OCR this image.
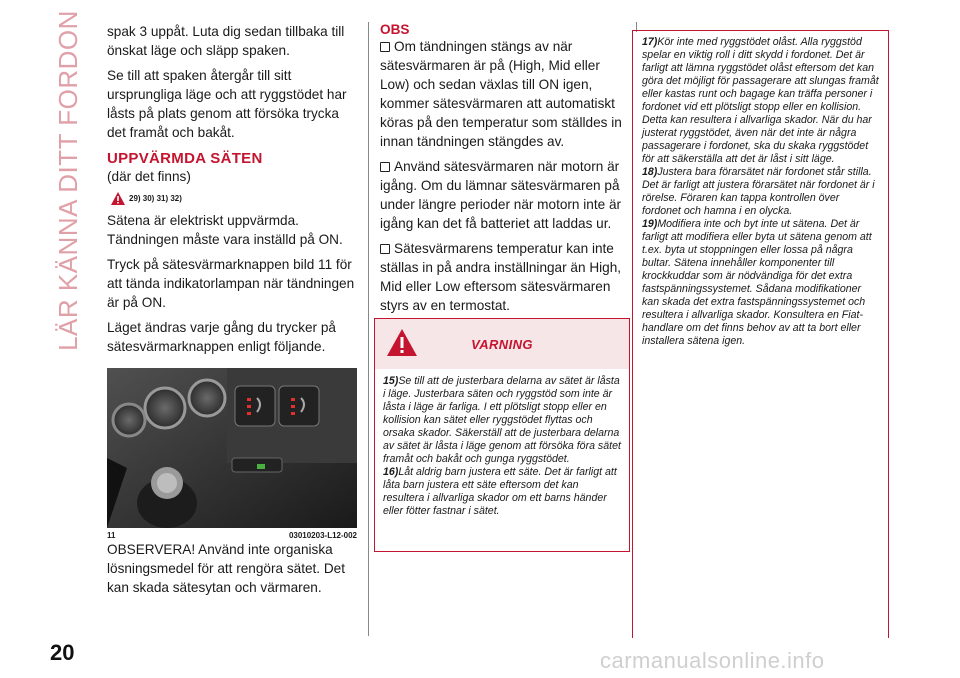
LÄR KÄNNA DITT FORDON spak 3 uppåt. Luta dig sedan tillbaka till önskat läge och släpp spaken.

Se till att spaken återgår till sitt ursprungliga läge och att ryggstödet har låsts på plats genom att försöka trycka det framåt och bakåt.

UPPVÄRMDA SÄTEN
(där det finns)
29) 30) 31) 32)

Sätena är elektriskt uppvärmda. Tändningen måste vara inställd på ON.

Tryck på sätesvärmarknappen bild 11 för att tända indikatorlampan när tändningen är på ON.

Läget ändras varje gång du trycker på sätesvärmarknappen enligt följande.

11	03010203-L12-002

OBSERVERA! Använd inte organiska lösningsmedel för att rengöra sätet. Det kan skada sätesytan och värmaren.

OBS

Om tändningen stängs av när sätesvärmaren är på (High, Mid eller Low) och sedan växlas till ON igen, kommer sätesvärmaren att automatiskt köras på den temperatur som ställdes in innan tändningen stängdes av.

Använd sätesvärmaren när motorn är igång. Om du lämnar sätesvärmaren på under längre perioder när motorn inte är igång kan det få batteriet att laddas ur.

Sätesvärmarens temperatur kan inte ställas in på andra inställningar än High, Mid eller Low eftersom sätesvärmaren styrs av en termostat.

VARNING

15)Se till att de justerbara delarna av sätet är låsta i läge. Justerbara säten och ryggstöd som inte är låsta i läge är farliga. I ett plötsligt stopp eller en kollision kan sätet eller ryggstödet flyttas och orsaka skador. Säkerställ att de justerbara delarna av sätet är låsta i läge genom att försöka föra sätet framåt och bakåt och gunga ryggstödet.

16)Låt aldrig barn justera ett säte. Det är farligt att låta barn justera ett säte eftersom det kan resultera i allvarliga skador om ett barns händer eller fötter fastnar i sätet.

17)Kör inte med ryggstödet olåst. Alla ryggstöd spelar en viktig roll i ditt skydd i fordonet. Det är farligt att lämna ryggstödet olåst eftersom det kan göra det möjligt för passagerare att slungas framåt eller kastas runt och bagage kan träffa personer i fordonet vid ett plötsligt stopp eller en kollision. Detta kan resultera i allvarliga skador. När du har justerat ryggstödet, även när det inte är några passagerare i fordonet, ska du skaka ryggstödet för att säkerställa att det är låst i sitt läge.

18)Justera bara förarsätet när fordonet står stilla. Det är farligt att justera förarsätet när fordonet är i rörelse. Föraren kan tappa kontrollen över fordonet och hamna i en olycka.

19)Modifiera inte och byt inte ut sätena. Det är farligt att modifiera eller byta ut sätena genom att t.ex. byta ut stoppningen eller lossa på några bultar. Sätena innehåller komponenter till krockkuddar som är nödvändiga för det extra fastspänningssystemet. Sådana modifikationer kan skada det extra fastspänningssystemet och resultera i allvarliga skador. Konsultera en Fiat-handlare om det finns behov av att ta bort eller installera sätena igen.

20	carmanualsonline.info
